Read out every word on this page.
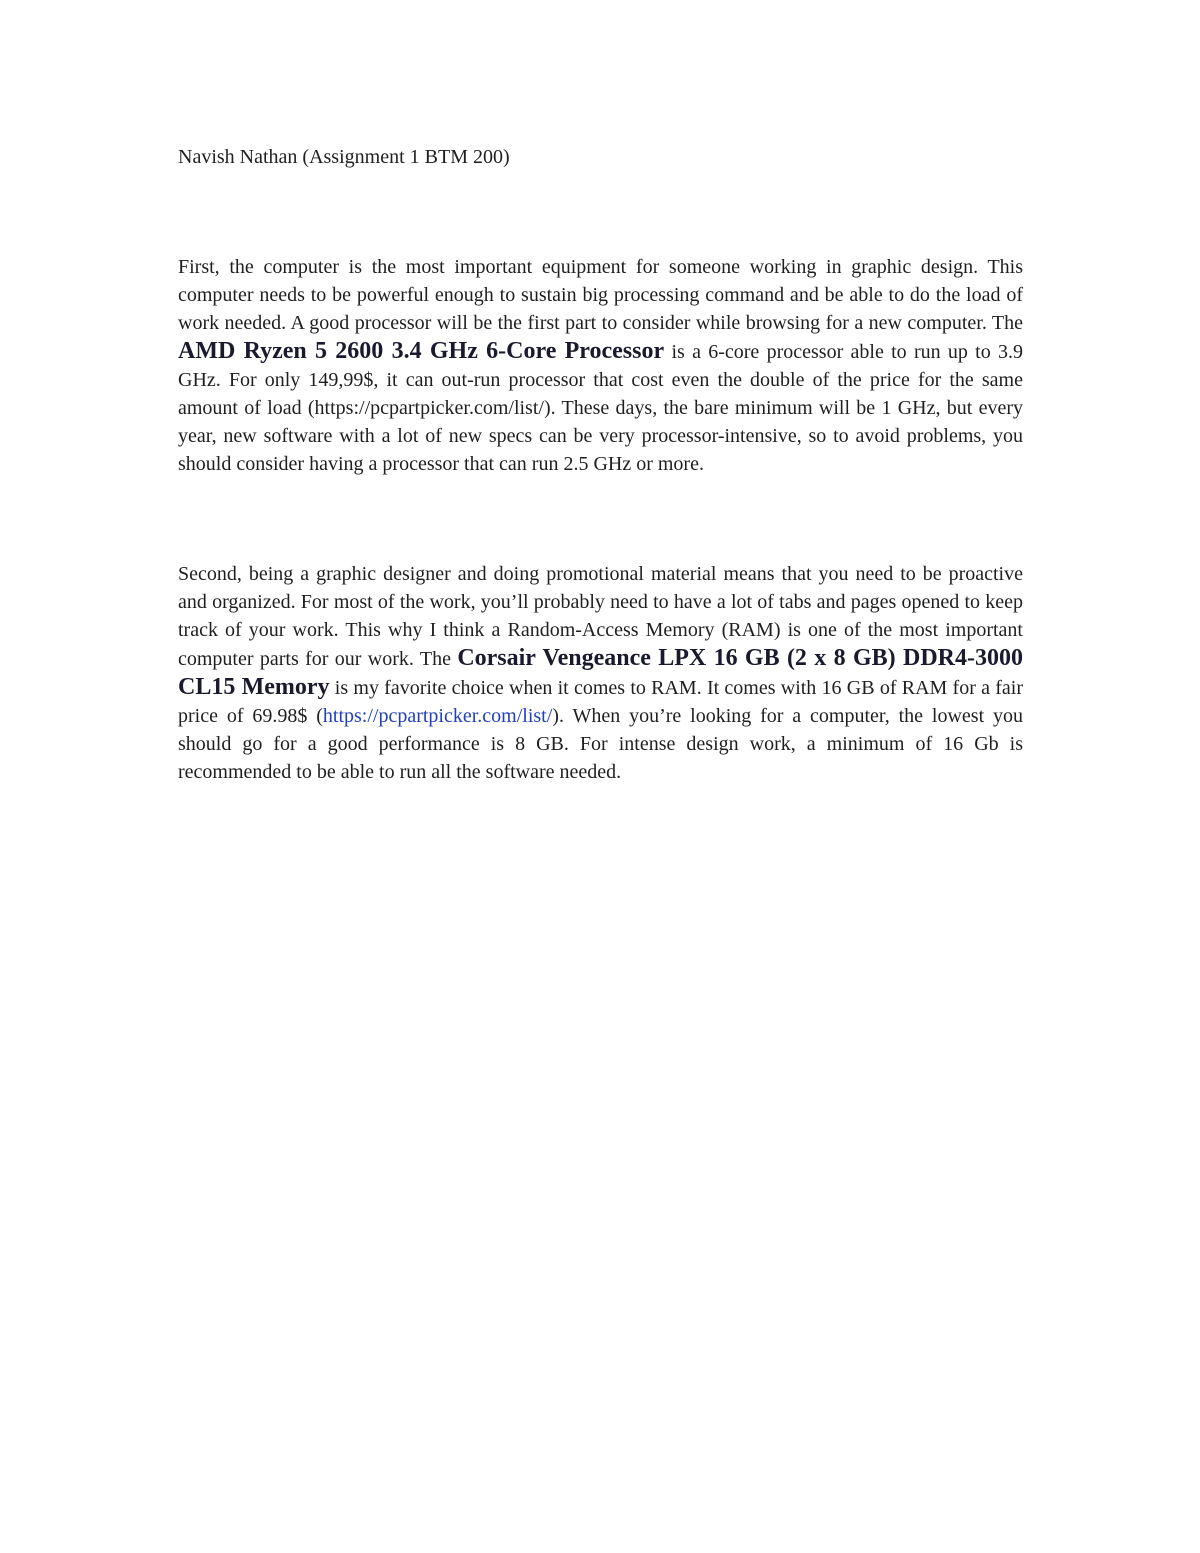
Navish Nathan (Assignment 1 BTM 200)

First, the computer is the most important equipment for someone working in graphic design. This computer needs to be powerful enough to sustain big processing command and be able to do the load of work needed. A good processor will be the first part to consider while browsing for a new computer. The AMD Ryzen 5 2600 3.4 GHz 6-Core Processor is a 6-core processor able to run up to 3.9 GHz. For only 149,99$, it can out-run processor that cost even the double of the price for the same amount of load (https://pcpartpicker.com/list/). These days, the bare minimum will be 1 GHz, but every year, new software with a lot of new specs can be very processor-intensive, so to avoid problems, you should consider having a processor that can run 2.5 GHz or more.

Second, being a graphic designer and doing promotional material means that you need to be proactive and organized. For most of the work, you’ll probably need to have a lot of tabs and pages opened to keep track of your work. This why I think a Random-Access Memory (RAM) is one of the most important computer parts for our work. The Corsair Vengeance LPX 16 GB (2 x 8 GB) DDR4-3000 CL15 Memory is my favorite choice when it comes to RAM. It comes with 16 GB of RAM for a fair price of 69.98$ (https://pcpartpicker.com/list/). When you’re looking for a computer, the lowest you should go for a good performance is 8 GB. For intense design work, a minimum of 16 Gb is recommended to be able to run all the software needed.
